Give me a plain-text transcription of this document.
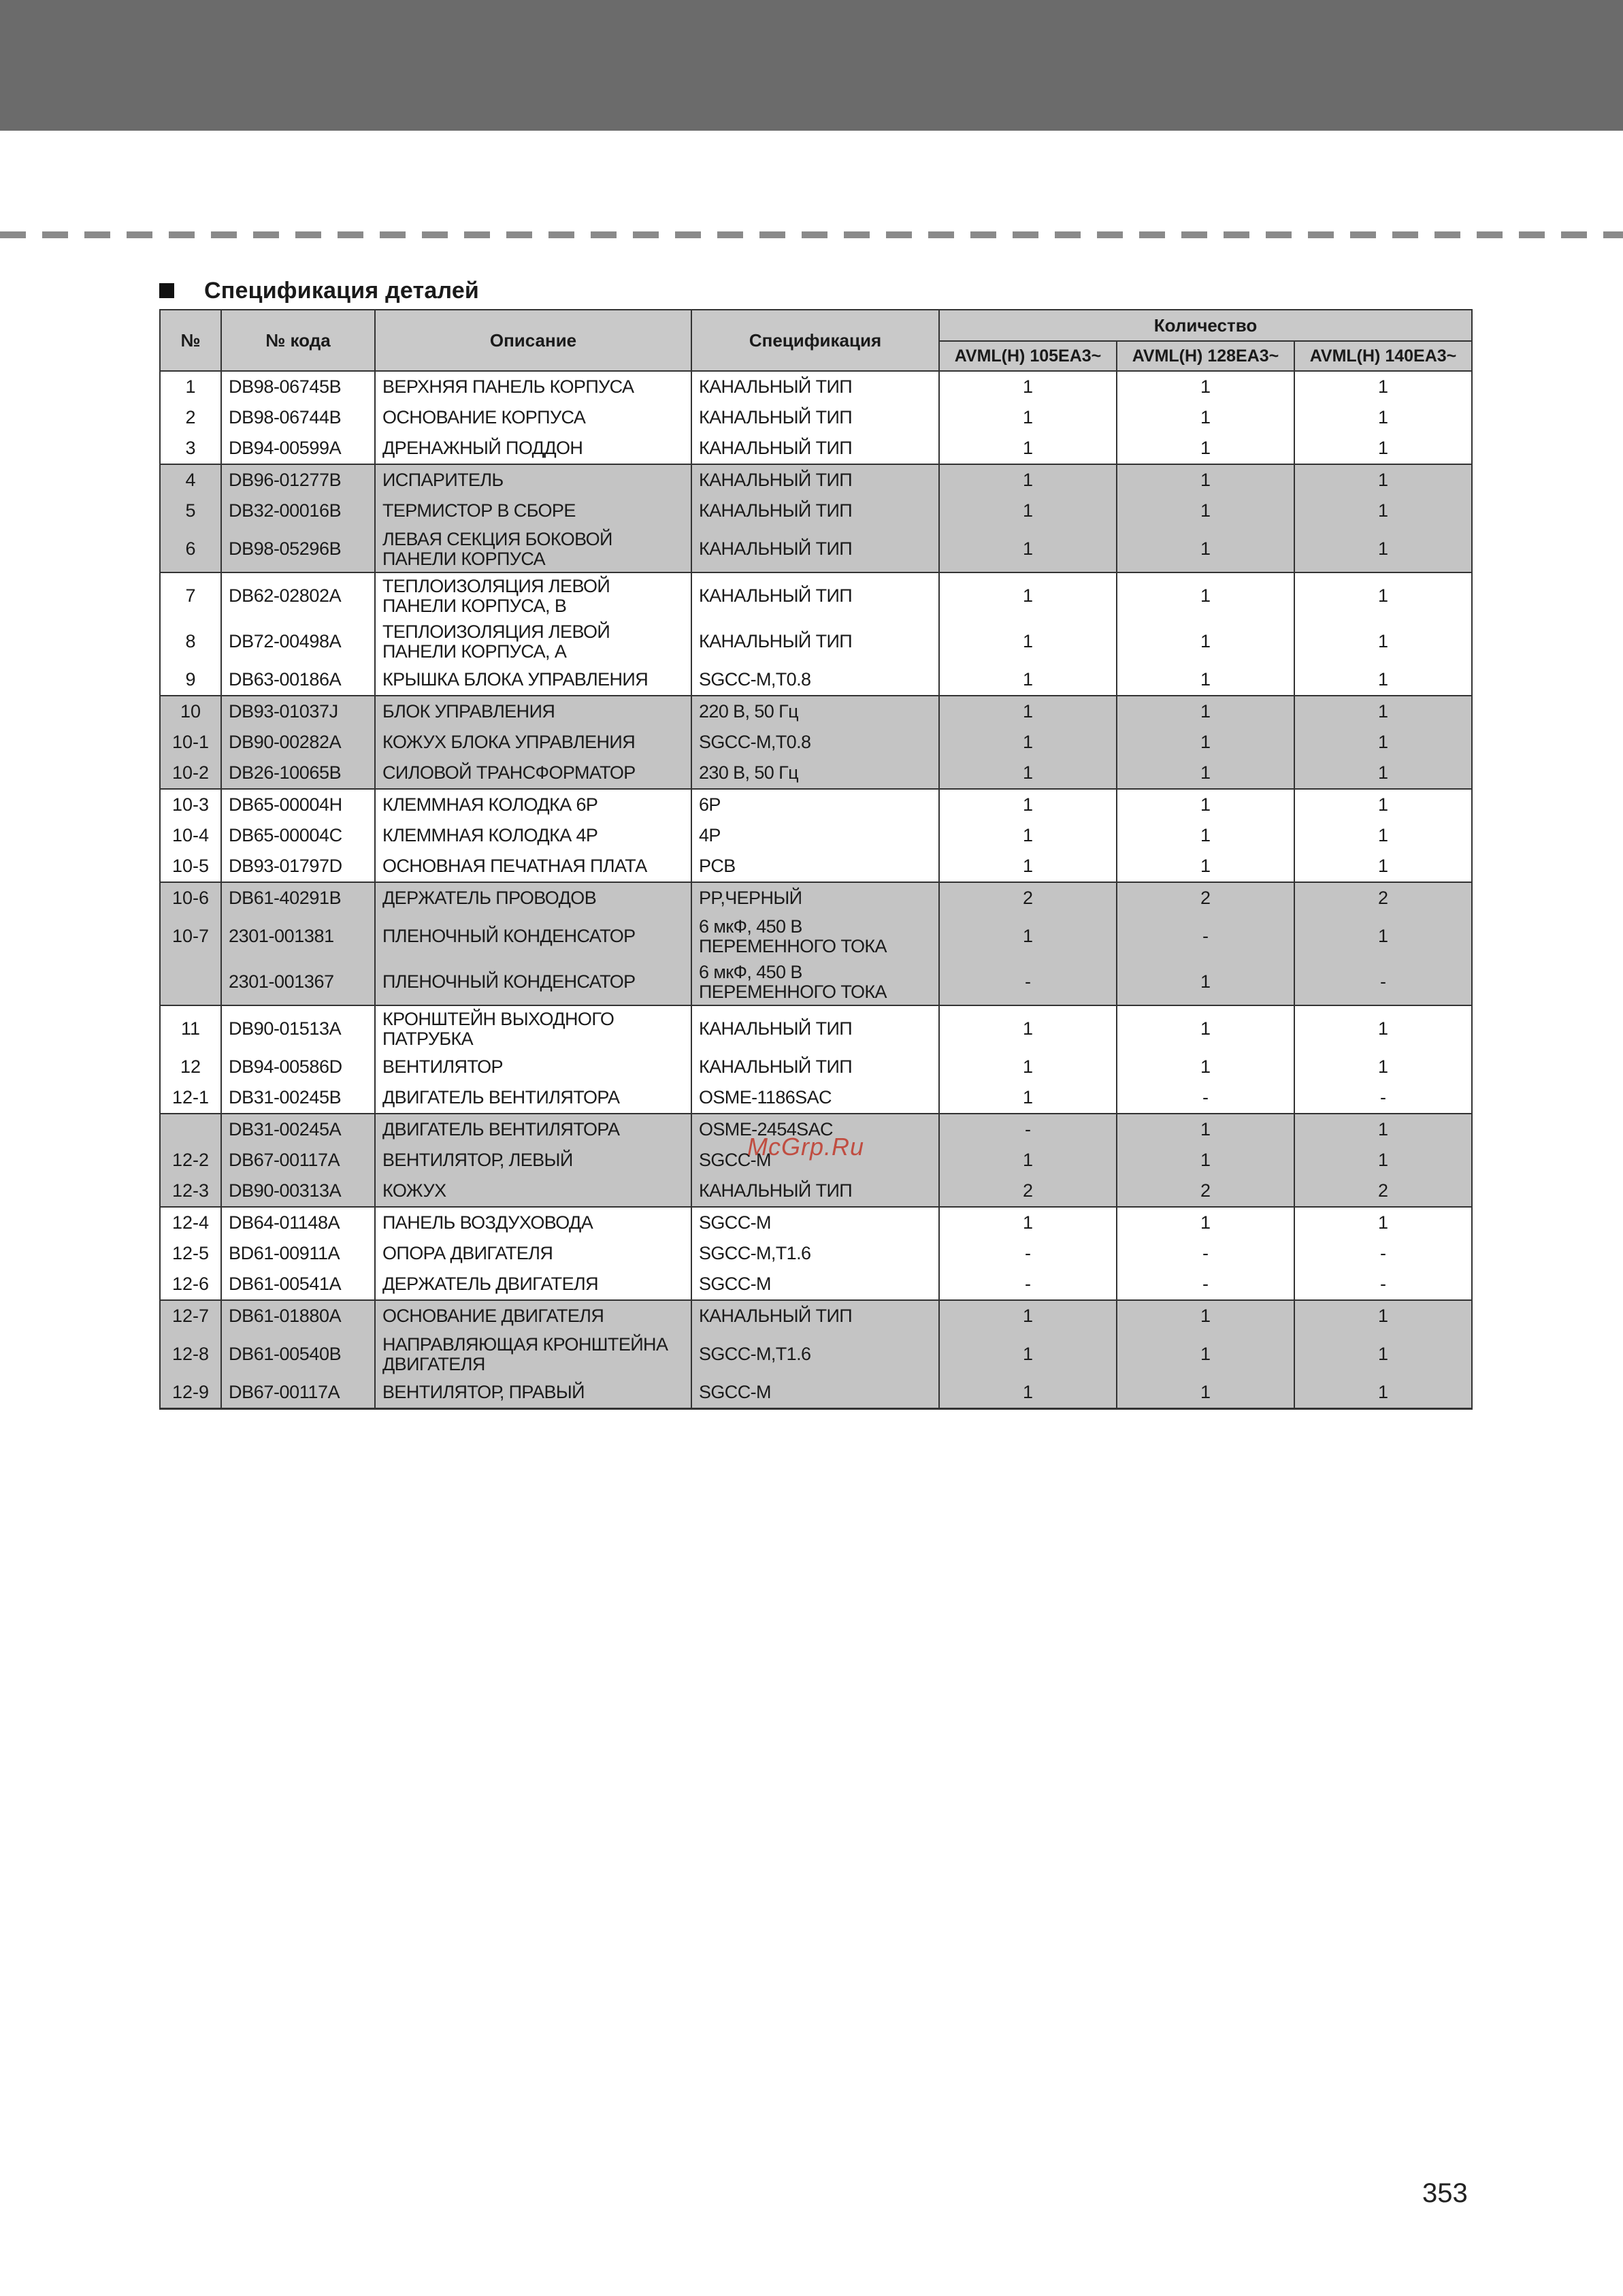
Спецификация деталей
№	№ кода	Описание	Спецификация	Количество		
				AVML(H) 105EA3~	AVML(H) 128EA3~	AVML(H) 140EA3~
1	DB98-06745B	ВЕРХНЯЯ ПАНЕЛЬ КОРПУСА	КАНАЛЬНЫЙ ТИП	1	1	1
2	DB98-06744B	ОСНОВАНИЕ КОРПУСА	КАНАЛЬНЫЙ ТИП	1	1	1
3	DB94-00599A	ДРЕНАЖНЫЙ ПОДДОН	КАНАЛЬНЫЙ ТИП	1	1	1
4	DB96-01277B	ИСПАРИТЕЛЬ	КАНАЛЬНЫЙ ТИП	1	1	1
5	DB32-00016B	ТЕРМИСТОР В СБОРЕ	КАНАЛЬНЫЙ ТИП	1	1	1
6	DB98-05296B	ЛЕВАЯ СЕКЦИЯ БОКОВОЙ ПАНЕЛИ КОРПУСА	КАНАЛЬНЫЙ ТИП	1	1	1
7	DB62-02802A	ТЕПЛОИЗОЛЯЦИЯ ЛЕВОЙ ПАНЕЛИ КОРПУСА, В	КАНАЛЬНЫЙ ТИП	1	1	1
8	DB72-00498A	ТЕПЛОИЗОЛЯЦИЯ ЛЕВОЙ ПАНЕЛИ КОРПУСА, А	КАНАЛЬНЫЙ ТИП	1	1	1
9	DB63-00186A	КРЫШКА БЛОКА УПРАВЛЕНИЯ	SGCC-M,T0.8	1	1	1
10	DB93-01037J	БЛОК УПРАВЛЕНИЯ	220 В, 50 Гц	1	1	1
10-1	DB90-00282A	КОЖУХ БЛОКА УПРАВЛЕНИЯ	SGCC-M,T0.8	1	1	1
10-2	DB26-10065B	СИЛОВОЙ ТРАНСФОРМАТОР	230 В, 50 Гц	1	1	1
10-3	DB65-00004H	КЛЕММНАЯ КОЛОДКА 6Р	6P	1	1	1
10-4	DB65-00004C	КЛЕММНАЯ КОЛОДКА 4Р	4P	1	1	1
10-5	DB93-01797D	ОСНОВНАЯ ПЕЧАТНАЯ ПЛАТА	PCB	1	1	1
10-6	DB61-40291B	ДЕРЖАТЕЛЬ ПРОВОДОВ	PP,ЧЕРНЫЙ	2	2	2
10-7	2301-001381	ПЛЕНОЧНЫЙ КОНДЕНСАТОР	6 мкФ, 450 В ПЕРЕМЕННОГО ТОКА	1	-	1
	2301-001367	ПЛЕНОЧНЫЙ КОНДЕНСАТОР	6 мкФ, 450 В ПЕРЕМЕННОГО ТОКА	-	1	-
11	DB90-01513A	КРОНШТЕЙН ВЫХОДНОГО ПАТРУБКА	КАНАЛЬНЫЙ ТИП	1	1	1
12	DB94-00586D	ВЕНТИЛЯТОР	КАНАЛЬНЫЙ ТИП	1	1	1
12-1	DB31-00245B	ДВИГАТЕЛЬ ВЕНТИЛЯТОРА	OSME-1186SAC	1	-	-
	DB31-00245A	ДВИГАТЕЛЬ ВЕНТИЛЯТОРА	OSME-2454SAC	-	1	1
12-2	DB67-00117A	ВЕНТИЛЯТОР, ЛЕВЫЙ	SGCC-M	1	1	1
12-3	DB90-00313A	КОЖУХ	КАНАЛЬНЫЙ ТИП	2	2	2
12-4	DB64-01148A	ПАНЕЛЬ ВОЗДУХОВОДА	SGCC-M	1	1	1
12-5	BD61-00911A	ОПОРА ДВИГАТЕЛЯ	SGCC-M,T1.6	-	-	-
12-6	DB61-00541A	ДЕРЖАТЕЛЬ ДВИГАТЕЛЯ	SGCC-M	-	-	-
12-7	DB61-01880A	ОСНОВАНИЕ ДВИГАТЕЛЯ	КАНАЛЬНЫЙ ТИП	1	1	1
12-8	DB61-00540B	НАПРАВЛЯЮЩАЯ КРОНШТЕЙНА ДВИГАТЕЛЯ	SGCC-M,T1.6	1	1	1
12-9	DB67-00117A	ВЕНТИЛЯТОР, ПРАВЫЙ	SGCC-M	1	1	1
McGrp.Ru
353
